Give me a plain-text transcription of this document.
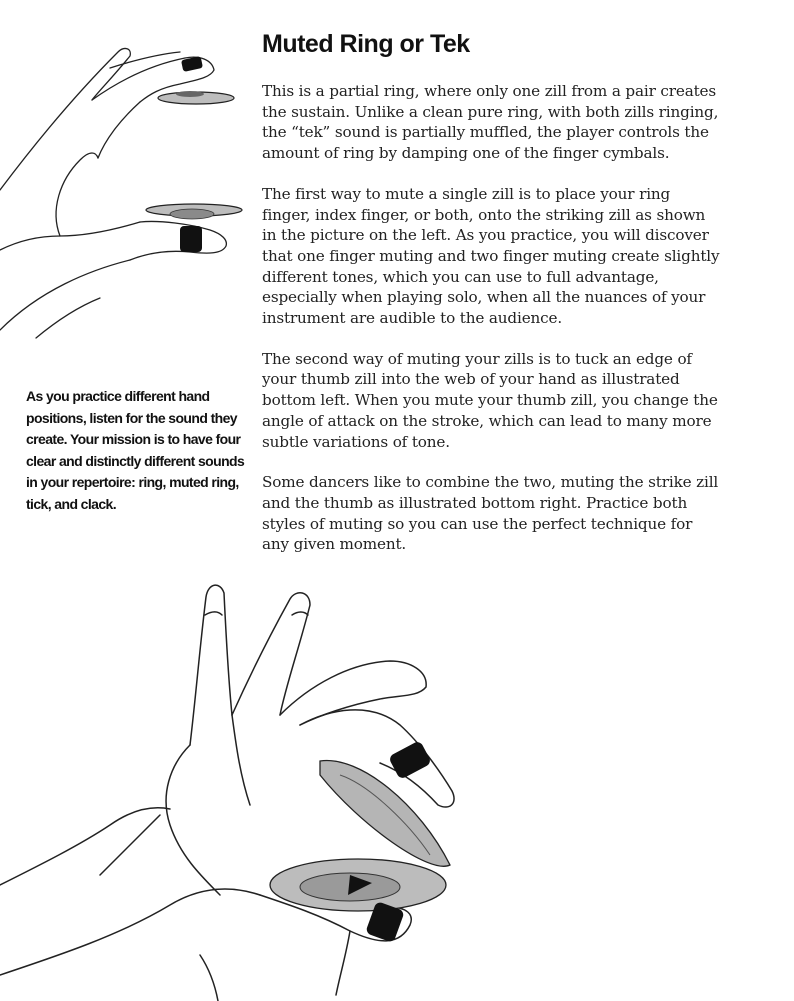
Muted Ring or Tek

This is a partial ring, where only one zill from a pair creates the sustain. Unlike a clean pure ring, with both zills ringing, the “tek” sound is partially muffled, the player controls the amount of ring by damping one of the finger cymbals.

The first way to mute a single zill is to place your ring finger, index finger, or both, onto the striking zill as shown in the picture on the left. As you practice, you will discover that one finger muting and two finger muting create slightly different tones, which you can use to full advantage, especially when playing solo, when all the nuances of your instrument are audible to the audience.

The second way of muting your zills is to tuck an edge of your thumb zill into the web of your hand as illustrated bottom left. When you mute your thumb zill, you change the angle of attack on the stroke, which can lead to many more subtle variations of tone.

Some dancers like to combine the two, muting the strike zill and the thumb as illustrated bottom right. Practice both styles of muting so you can use the perfect technique for any given moment.

As you practice different hand positions, listen for the sound they create. Your mission is to have four clear and distinctly different sounds in your repertoire: ring, muted ring, tick, and clack.
